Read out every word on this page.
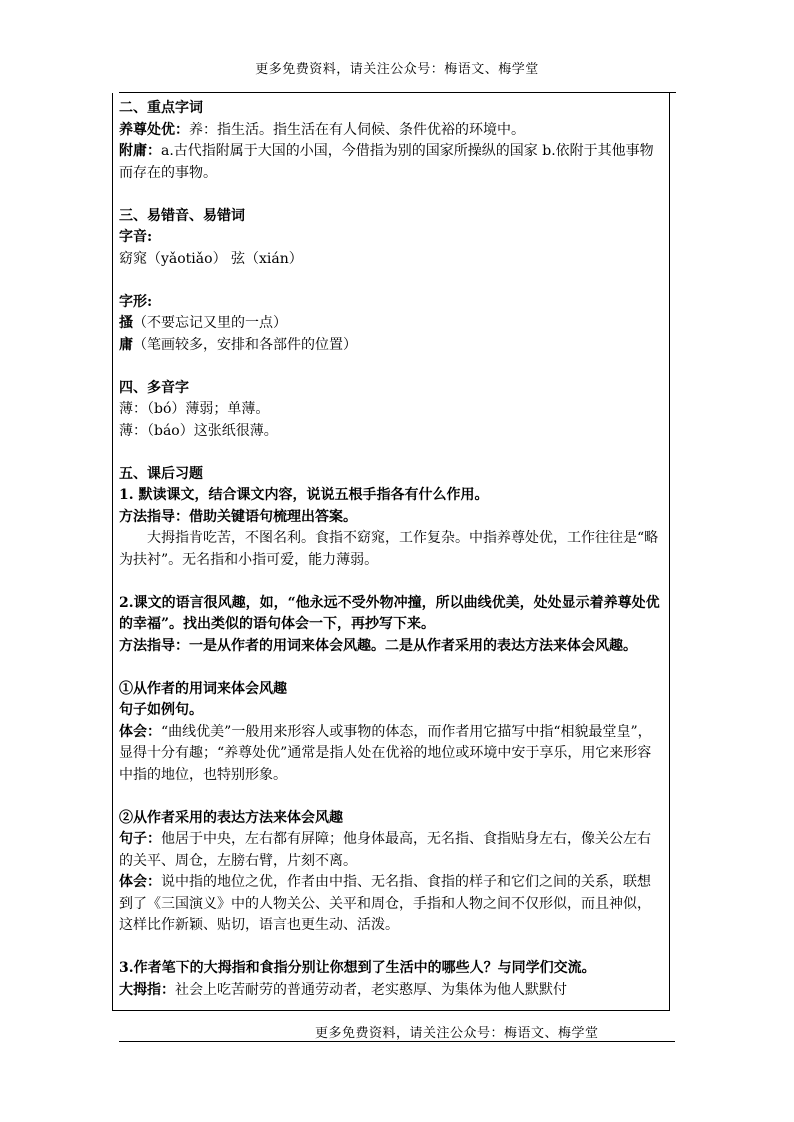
更多免费资料，请关注公众号：梅语文、梅学堂

二、重点字词

养尊处优：养：指生活。指生活在有人伺候、条件优裕的环境中。

附庸：a.古代指附属于大国的小国，今借指为别的国家所操纵的国家 b.依附于其他事物而存在的事物。

三、易错音、易错词

字音:

窈窕（yǎotiǎo） 弦（xián）

字形:

搔（不要忘记又里的一点）

庸（笔画较多，安排和各部件的位置）

四、多音字

薄：（bó）薄弱；单薄。

薄：（báo）这张纸很薄。

五、课后习题

1. 默读课文，结合课文内容，说说五根手指各有什么作用。

方法指导：借助关键语句梳理出答案。

大拇指肯吃苦，不图名利。食指不窈窕，工作复杂。中指养尊处优，工作往往是“略为扶衬”。无名指和小指可爱，能力薄弱。

2.课文的语言很风趣，如，“他永远不受外物冲撞，所以曲线优美，处处显示着养尊处优的幸福”。找出类似的语句体会一下，再抄写下来。

方法指导：一是从作者的用词来体会风趣。二是从作者采用的表达方法来体会风趣。

①从作者的用词来体会风趣

句子如例句。

体会：“曲线优美”一般用来形容人或事物的体态，而作者用它描写中指“相貌最堂皇”，显得十分有趣；“养尊处优”通常是指人处在优裕的地位或环境中安于享乐，用它来形容中指的地位，也特别形象。

②从作者采用的表达方法来体会风趣

句子：他居于中央，左右都有屏障；他身体最高，无名指、食指贴身左右，像关公左右的关平、周仓，左膀右臂，片刻不离。

体会：说中指的地位之优，作者由中指、无名指、食指的样子和它们之间的关系，联想到了《三国演义》中的人物关公、关平和周仓，手指和人物之间不仅形似，而且神似，这样比作新颖、贴切，语言也更生动、活泼。

3.作者笔下的大拇指和食指分别让你想到了生活中的哪些人？与同学们交流。

大拇指：社会上吃苦耐劳的普通劳动者，老实憨厚、为集体为他人默默付

更多免费资料，请关注公众号：梅语文、梅学堂
